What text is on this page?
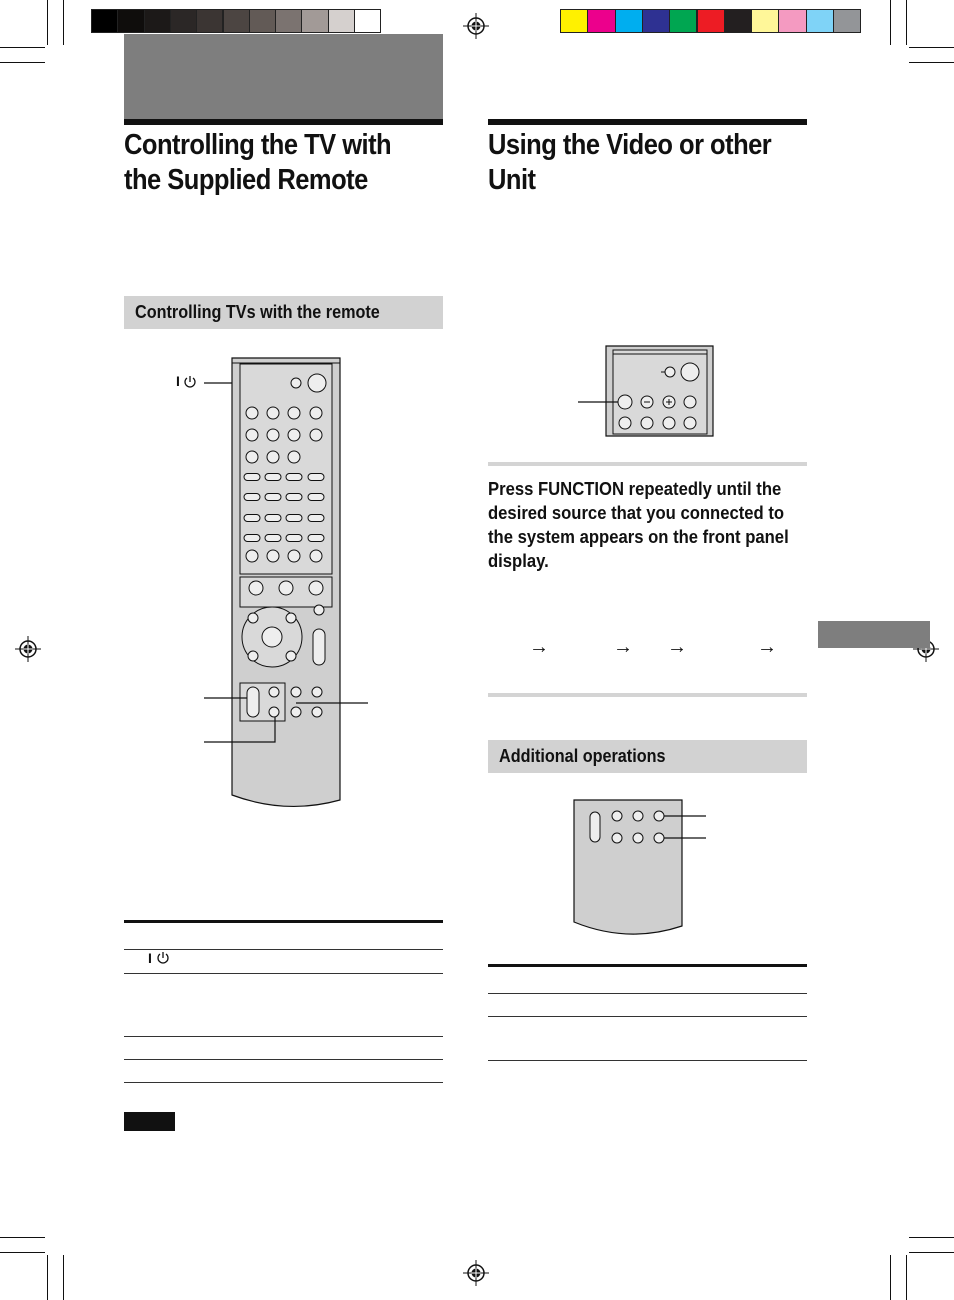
Controlling the TV with
the Supplied Remote
Controlling TVs with the remote
I
I
Using the Video or other
Unit
Press FUNCTION repeatedly until the
desired source that you connected to
the system appears on the front panel
display.
→	→ →	→
Additional operations
